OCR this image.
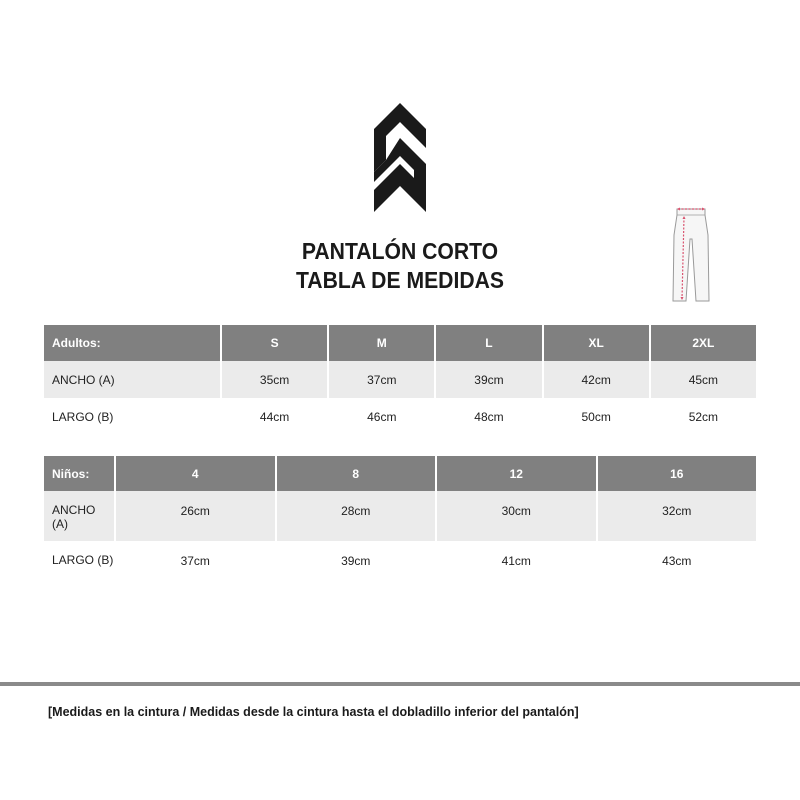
PANTALÓN CORTO
TABLA DE MEDIDAS
Adultos:	S	M	L	XL	2XL
ANCHO (A)	35cm	37cm	39cm	42cm	45cm
LARGO (B)	44cm	46cm	48cm	50cm	52cm
Niños:	4	8	12	16
ANCHO (A)	26cm	28cm	30cm	32cm
LARGO (B)	37cm	39cm	41cm	43cm
[Medidas en la cintura / Medidas desde la cintura hasta el dobladillo inferior del pantalón]
